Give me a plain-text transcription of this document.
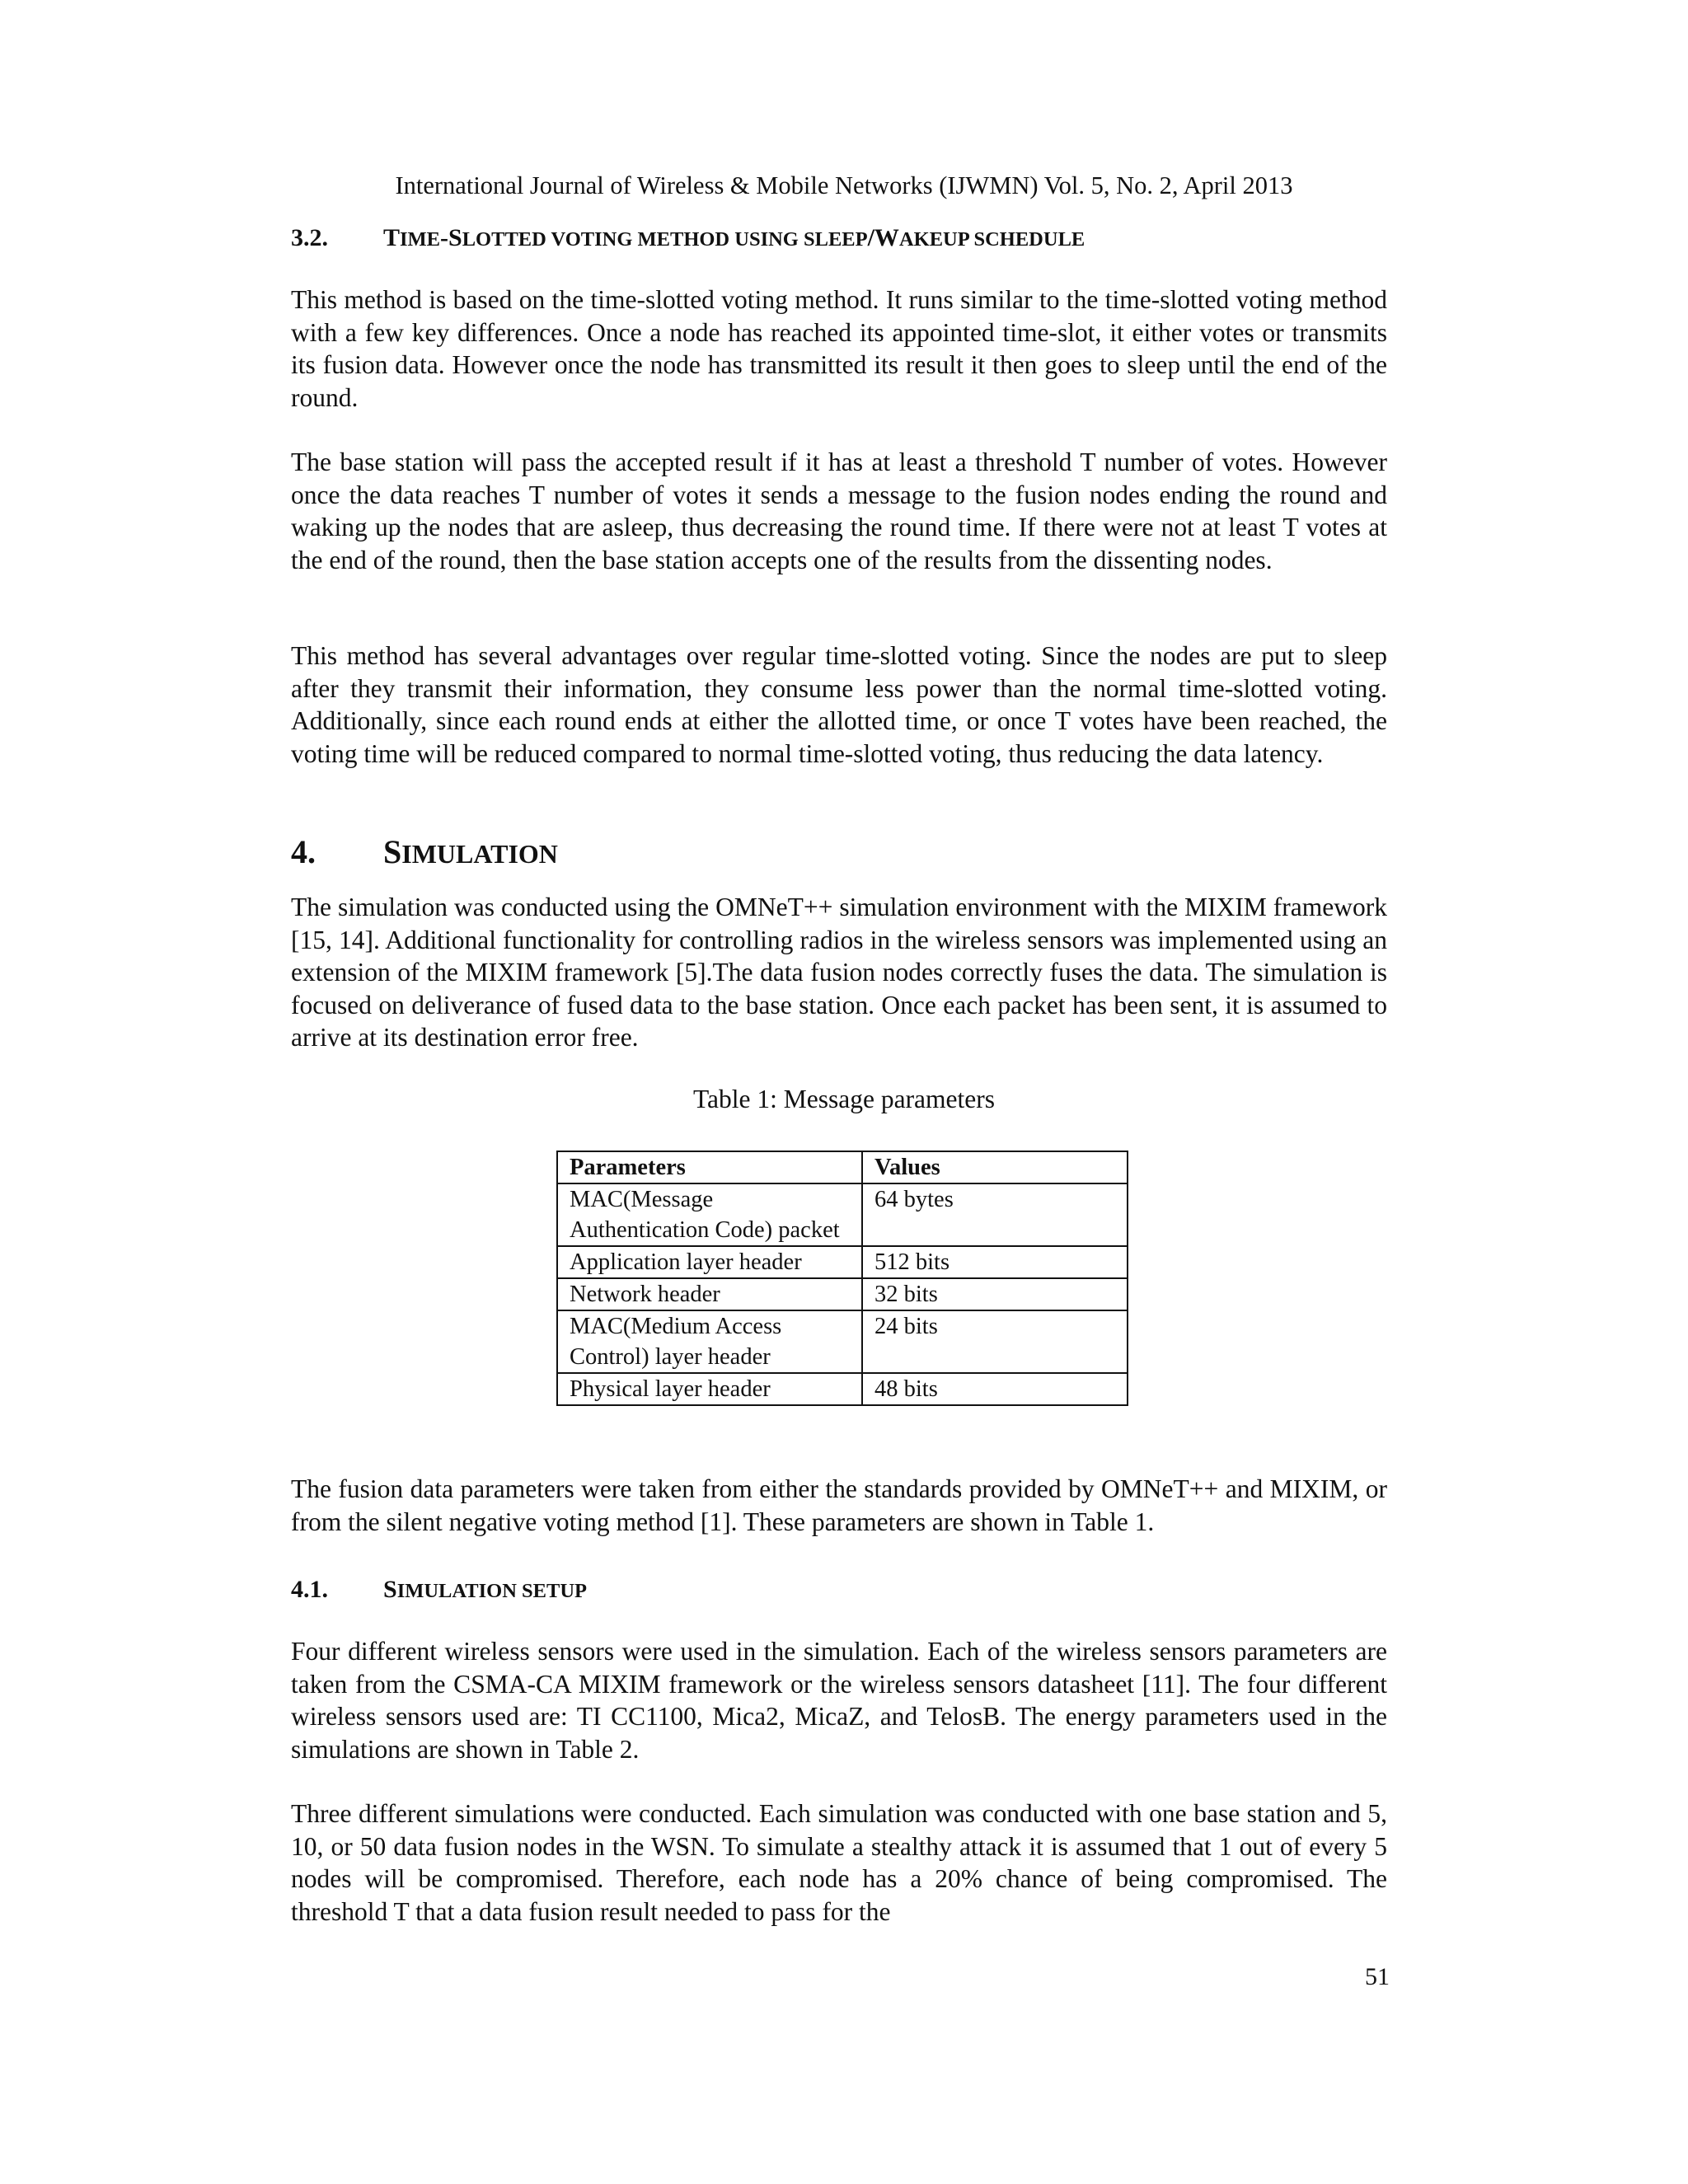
International Journal of Wireless & Mobile Networks (IJWMN) Vol. 5, No. 2, April 2013
3.2. TIME-SLOTTED VOTING METHOD USING SLEEP/WAKEUP SCHEDULE

This method is based on the time-slotted voting method. It runs similar to the time-slotted voting method with a few key differences. Once a node has reached its appointed time-slot, it either votes or transmits its fusion data. However once the node has transmitted its result it then goes to sleep until the end of the round.

The base station will pass the accepted result if it has at least a threshold T number of votes. However once the data reaches T number of votes it sends a message to the fusion nodes ending the round and waking up the nodes that are asleep, thus decreasing the round time. If there were not at least T votes at the end of the round, then the base station accepts one of the results from the dissenting nodes.

This method has several advantages over regular time-slotted voting. Since the nodes are put to sleep after they transmit their information, they consume less power than the normal time-slotted voting. Additionally, since each round ends at either the allotted time, or once T votes have been reached, the voting time will be reduced compared to normal time-slotted voting, thus reducing the data latency.

4. SIMULATION

The simulation was conducted using the OMNeT++ simulation environment with the MIXIM framework [15, 14]. Additional functionality for controlling radios in the wireless sensors was implemented using an extension of the MIXIM framework [5].The data fusion nodes correctly fuses the data. The simulation is focused on deliverance of fused data to the base station. Once each packet has been sent, it is assumed to arrive at its destination error free.

Table 1: Message parameters
Parameters	Values
MAC(Message Authentication Code) packet	64 bytes
Application layer header	512 bits
Network header	32 bits
MAC(Medium Access Control) layer header	24 bits
Physical layer header	48 bits

The fusion data parameters were taken from either the standards provided by OMNeT++ and MIXIM, or from the silent negative voting method [1]. These parameters are shown in Table 1.

4.1. SIMULATION SETUP

Four different wireless sensors were used in the simulation. Each of the wireless sensors parameters are taken from the CSMA-CA MIXIM framework or the wireless sensors datasheet [11]. The four different wireless sensors used are: TI CC1100, Mica2, MicaZ, and TelosB. The energy parameters used in the simulations are shown in Table 2.

Three different simulations were conducted. Each simulation was conducted with one base station and 5, 10, or 50 data fusion nodes in the WSN. To simulate a stealthy attack it is assumed that 1 out of every 5 nodes will be compromised. Therefore, each node has a 20% chance of being compromised. The threshold T that a data fusion result needed to pass for the

51
